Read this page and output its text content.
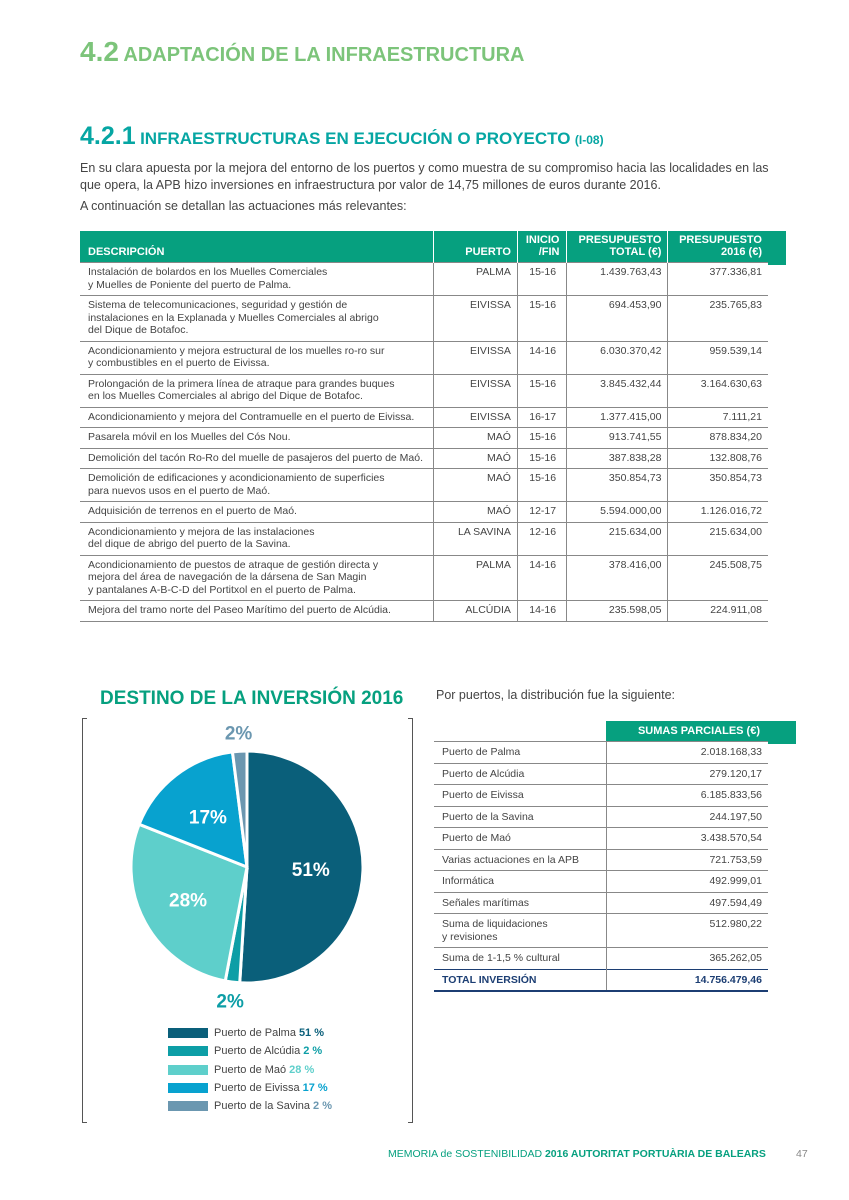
4.2 ADAPTACIÓN DE LA INFRAESTRUCTURA
4.2.1 INFRAESTRUCTURAS EN EJECUCIÓN O PROYECTO (I-08)

En su clara apuesta por la mejora del entorno de los puertos y como muestra de su compromiso hacia las localidades en las que opera, la APB hizo inversiones en infraestructura por valor de 14,75 millones de euros durante 2016.

A continuación se detallan las actuaciones más relevantes:

DESCRIPCIÓN	PUERTO	INICIO /FIN	PRESUPUESTO TOTAL (€)	PRESUPUESTO 2016 (€)
Instalación de bolardos en los Muelles Comerciales
y Muelles de Poniente del puerto de Palma.	PALMA	15-16	1.439.763,43	377.336,81
Sistema de telecomunicaciones, seguridad y gestión de
instalaciones en la Explanada y Muelles Comerciales al abrigo
del Dique de Botafoc.	EIVISSA	15-16	694.453,90	235.765,83
Acondicionamiento y mejora estructural de los muelles ro-ro sur
y combustibles en el puerto de Eivissa.	EIVISSA	14-16	6.030.370,42	959.539,14
Prolongación de la primera línea de atraque para grandes buques
en los Muelles Comerciales al abrigo del Dique de Botafoc.	EIVISSA	15-16	3.845.432,44	3.164.630,63
Acondicionamiento y mejora del Contramuelle en el puerto de Eivissa.	EIVISSA	16-17	1.377.415,00	7.111,21
Pasarela móvil en los Muelles del Cós Nou.	MAÓ	15-16	913.741,55	878.834,20
Demolición del tacón Ro-Ro del muelle de pasajeros del puerto de Maó.	MAÓ	15-16	387.838,28	132.808,76
Demolición de edificaciones y acondicionamiento de superficies
para nuevos usos en el puerto de Maó.	MAÓ	15-16	350.854,73	350.854,73
Adquisición de terrenos en el puerto de Maó.	MAÓ	12-17	5.594.000,00	1.126.016,72
Acondicionamiento y mejora de las instalaciones
del dique de abrigo del puerto de la Savina.	LA SAVINA	12-16	215.634,00	215.634,00
Acondicionamiento de puestos de atraque de gestión directa y
mejora del área de navegación de la dársena de San Magin
y pantalanes A-B-C-D del Portitxol en el puerto de Palma.	PALMA	14-16	378.416,00	245.508,75
Mejora del tramo norte del Paseo Marítimo del puerto de Alcúdia.	ALCÚDIA	14-16	235.598,05	224.911,08
DESTINO DE LA INVERSIÓN 2016
51%
2%
28%
17%
2%
Puerto de Palma 51 %
Puerto de Alcúdia 2 %
Puerto de Maó 28 %
Puerto de Eivissa 17 %
Puerto de la Savina 2 %

Por puertos, la distribución fue la siguiente:

	SUMAS PARCIALES (€)
Puerto de Palma	2.018.168,33
Puerto de Alcúdia	279.120,17
Puerto de Eivissa	6.185.833,56
Puerto de la Savina	244.197,50
Puerto de Maó	3.438.570,54
Varias actuaciones en la APB	721.753,59
Informática	492.999,01
Señales marítimas	497.594,49
Suma de liquidaciones
y revisiones	512.980,22
Suma de 1-1,5 % cultural	365.262,05
TOTAL INVERSIÓN	14.756.479,46
MEMORIA de SOSTENIBILIDAD 2016 AUTORITAT PORTUÀRIA DE BALEARS	47
